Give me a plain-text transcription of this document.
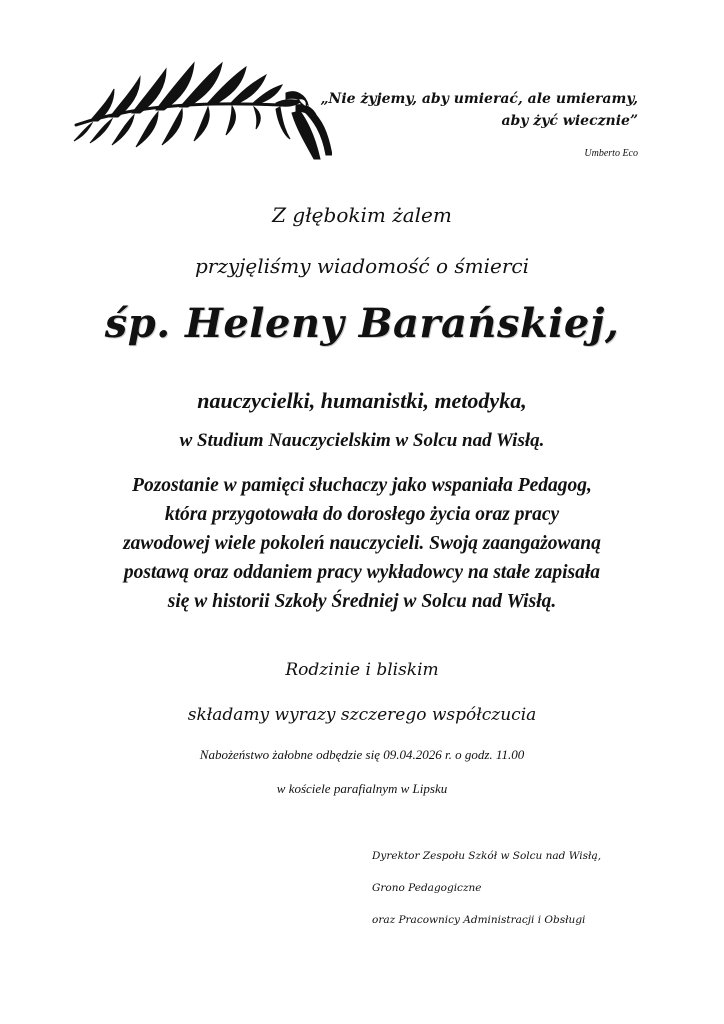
„Nie żyjemy, aby umierać, ale umieramy,
aby żyć wiecznie”
Umberto Eco
Z głębokim żalem
przyjęliśmy wiadomość o śmierci
śp. Heleny Barańskiej,
nauczycielki, humanistki, metodyka,
w Studium Nauczycielskim w Solcu nad Wisłą.
Pozostanie w pamięci słuchaczy jako wspaniała Pedagog,
która przygotowała do dorosłego życia oraz pracy
zawodowej wiele pokoleń nauczycieli. Swoją zaangażowaną
postawą oraz oddaniem pracy wykładowcy na stałe zapisała
się w historii Szkoły Średniej w Solcu nad Wisłą.
Rodzinie i bliskim
składamy wyrazy szczerego współczucia
Nabożeństwo żałobne odbędzie się 09.04.2026 r. o godz. 11.00
w kościele parafialnym w Lipsku
Dyrektor Zespołu Szkół w Solcu nad Wisłą,
Grono Pedagogiczne
oraz Pracownicy Administracji i Obsługi
